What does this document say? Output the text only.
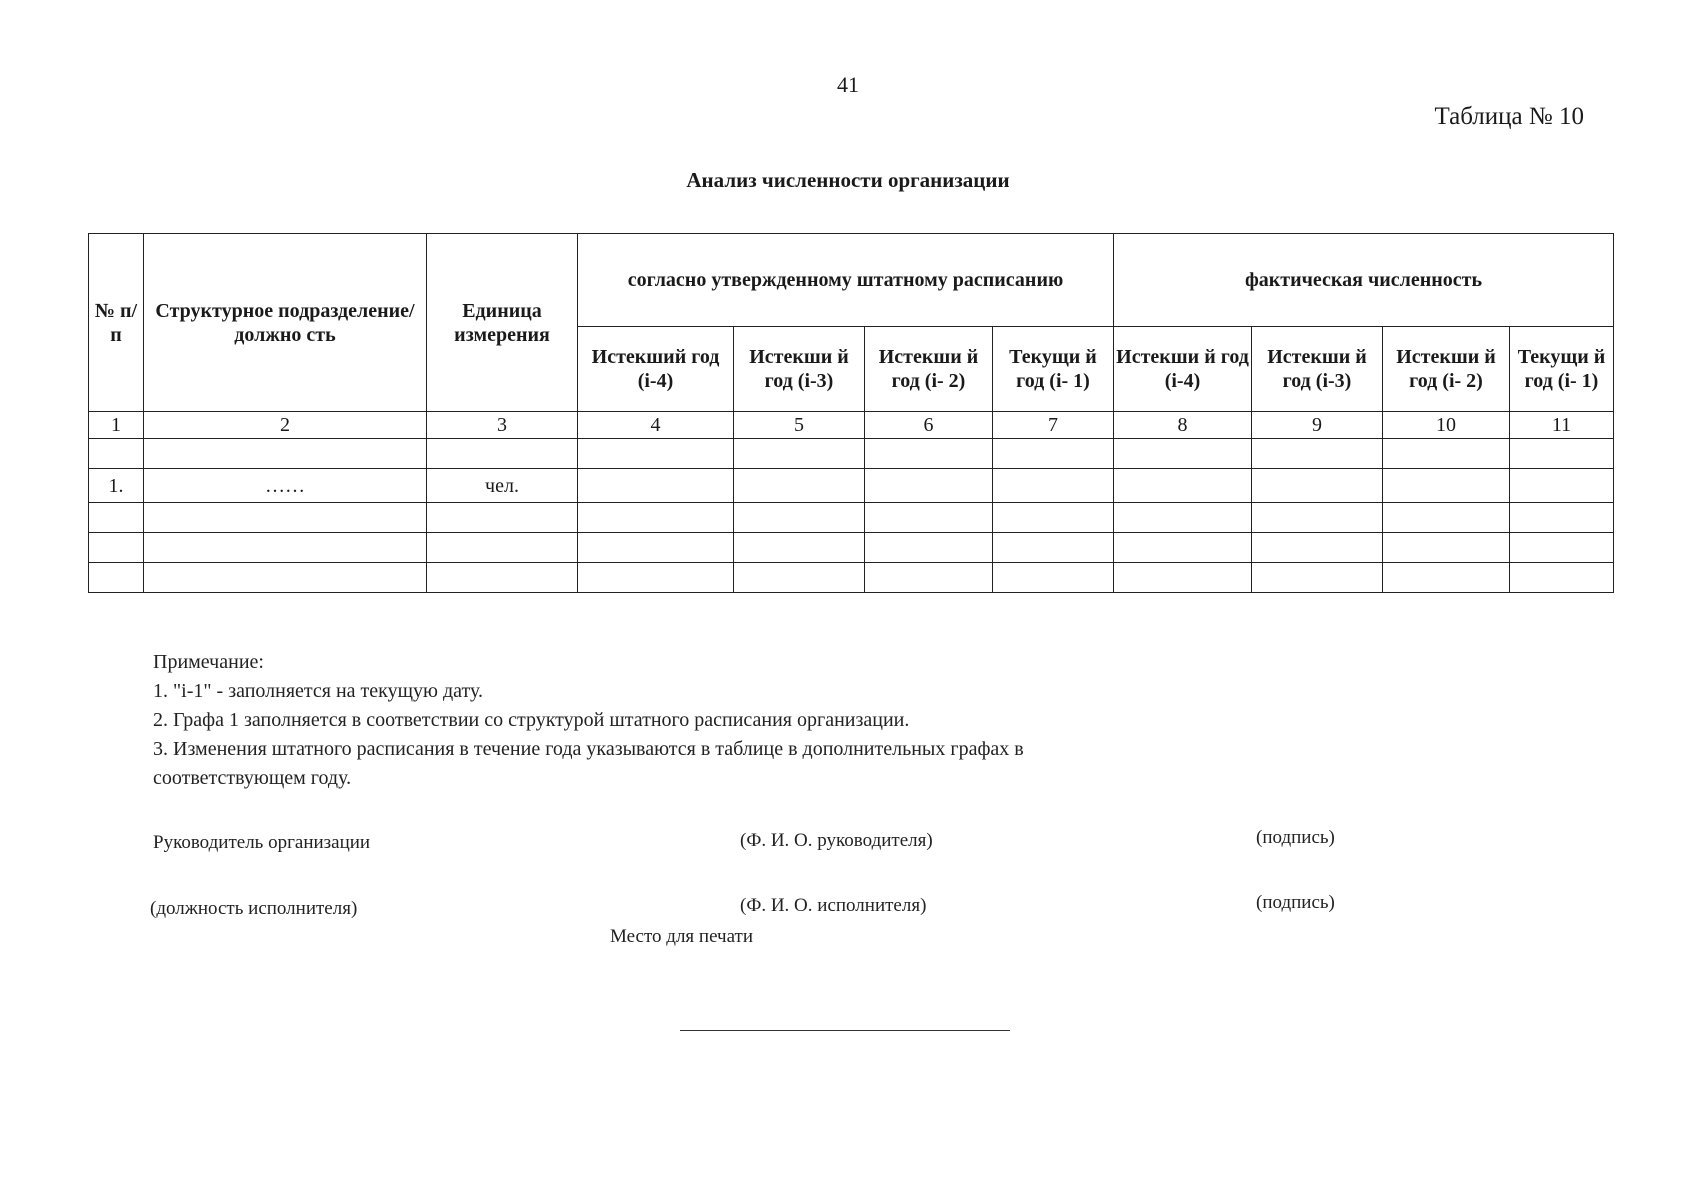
41
Таблица № 10
Анализ численности организации
№ п/ п	Структурное подразделение/должно сть	Единица измерения	согласно утвержденному штатному расписанию				фактическая численность			
			Истекший год (i-4)	Истекши й год (i-3)	Истекши й год (i- 2)	Текущи й год (i- 1)	Истекши й год (i-4)	Истекши й год (i-3)	Истекши й год (i- 2)	Текущи й год (i- 1)
1	2	3	4	5	6	7	8	9	10	11

1.	……	чел.								

Примечание:
1. "i-1" - заполняется на текущую дату.
2. Графа 1 заполняется в соответствии со структурой штатного расписания организации.
3. Изменения штатного расписания в течение года указываются в таблице в дополнительных графах в
соответствующем году.
Руководитель организации	(Ф. И. О. руководителя)	(подпись)
(должность исполнителя)	(Ф. И. О. исполнителя)	(подпись)
Место для печати
